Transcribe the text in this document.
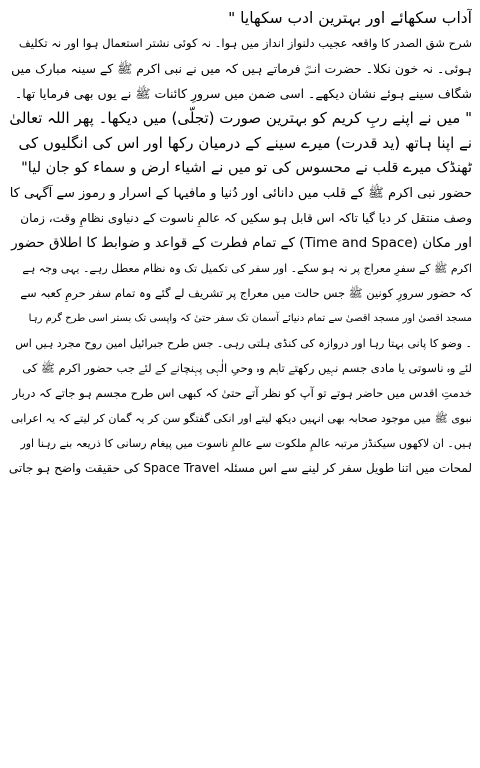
آداب سکھائے اور بہترین ادب سکھایا "
شرح شق الصدر کا واقعہ عجیب دلنواز انداز میں ہوا۔ نہ کوئی نشتر استعمال ہوا اور نہ تکلیف
ہوئی۔ نہ خون نکلا۔ حضرت انسؓ فرماتے ہیں کہ میں نے نبی اکرم ﷺ کے سینہ مبارک میں
شگاف سینے ہوئے نشان دیکھے۔ اسی ضمن میں سرورِ کائنات ﷺ نے یوں بھی فرمایا تھا۔
" میں نے اپنے ربِ کریم کو بہترین صورت (تجلّی) میں دیکھا۔ پھر اللہ تعالیٰ
نے اپنا ہاتھ (ید قدرت) میرے سینے کے درمیان رکھا اور اس کی انگلیوں کی
ٹھنڈک میرے قلب نے محسوس کی تو میں نے اشیاء ارض و سماء کو جان لیا"
حضور نبی اکرم ﷺ کے قلب میں دانائی اور دُنیا و مافیہا کے اسرار و رموز سے آگہی کا
وصف منتقل کر دیا گیا تاکہ اس قابل ہو سکیں کہ عالمِ ناسوت کے دنیاوی نظامِ وقت، زمان
اور مکان (Time and Space) کے تمام فطرت کے قواعد و ضوابط کا اطلاق حضور
اکرم ﷺ کے سفرِ معراج پر نہ ہو سکے۔ اور سفر کی تکمیل تک وہ نظام معطل رہے۔ یہی وجہ ہے
کہ حضور سرورِ کونین ﷺ جس حالت میں معراج پر تشریف لے گئے وہ تمام سفر حرمِ کعبہ سے
مسجد اقصیٰ اور مسجد اقصیٰ سے تمام دنیائے آسمان تک سفر حتیٰ کہ واپسی تک بستر اسی طرح گرم رہا
۔ وضو کا پانی بہتا رہا اور دروازہ کی کنڈی ہلتی رہی۔ جس طرح جبرائیل امین روح مجرد ہیں اس
لئے وہ ناسوتی یا مادی جسم نہیں رکھتے تاہم وہ وحیِ الٰہی پہنچانے کے لئے جب حضور اکرم ﷺ کی
خدمتِ اقدس میں حاضر ہوتے تو آپ کو نظر آتے حتیٰ کہ کبھی اس طرح مجسم ہو جاتے کہ دربار
نبوی ﷺ میں موجود صحابہ بھی انہیں دیکھ لیتے اور انکی گفتگو سن کر یہ گمان کر لیتے کہ یہ اعرابی
ہیں۔ ان لاکھوں سیکنڈز مرتبہ عالمِ ملکوت سے عالمِ ناسوت میں پیغام رسانی کا ذریعہ بنے رہنا اور
لمحات میں اتنا طویل سفر کر لینے سے اس مسئلہ Space Travel کی حقیقت واضح ہو جاتی
